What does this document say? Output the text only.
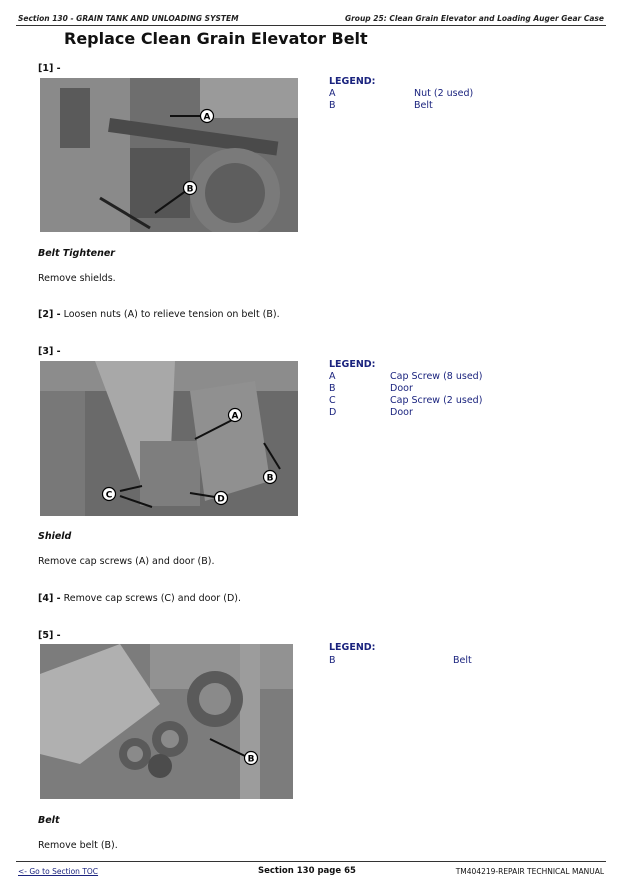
Section 130 - GRAIN TANK AND UNLOADING SYSTEM	Group 25: Clean Grain Elevator and Loading Auger Gear Case
Replace Clean Grain Elevator Belt
[1] -
A
B
LEGEND:
A	Nut (2 used)
B	Belt
Belt Tightener
Remove shields.
[2] - Loosen nuts (A) to relieve tension on belt (B).
[3] -
A
B
C	D
LEGEND:
A	Cap Screw (8 used)
B	Door
C	Cap Screw (2 used)
D	Door
Shield
Remove cap screws (A) and door (B).
[4] - Remove cap screws (C) and door (D).
[5] -
B
LEGEND:
B	Belt
Belt
Remove belt (B).
<- Go to Section TOC	Section 130 page 65	TM404219-REPAIR TECHNICAL MANUAL
